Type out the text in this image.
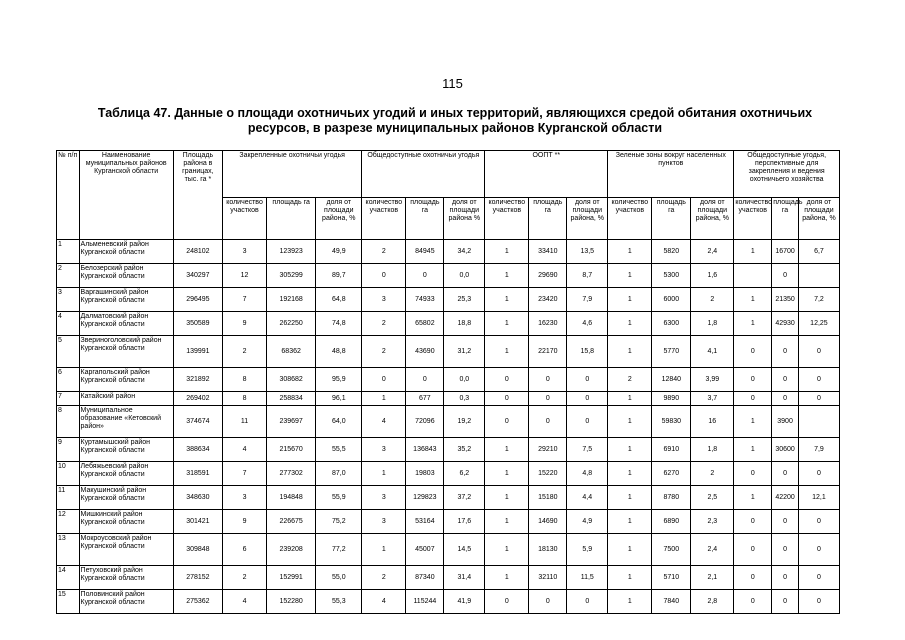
115
Таблица 47. Данные о площади охотничьих угодий и иных территорий, являющихся средой обитания охотничьих
ресурсов, в разрезе муниципальных районов Курганской области
№ п/п	Наименование муниципальных районов Курганской области	Площадь района в границах, тыс. га *	Закрепленные охотничьи угодья			Общедоступные охотничьи угодья			ООПТ **			Зеленые зоны вокруг населенных пунктов			Общедоступные угодья, перспективные для закрепления и ведения охотничьего хозяйства		
			количество участков	площадь га	доля от площади района, %	количество участков	площадь га	доля от площади района %	количество участков	площадь га	доля от площади района, %	количество участков	площадь га	доля от площади района, %	количество участков	площадь га	доля от площади района, %
1	Альменевский район Курганской области	248102	3	123923	49,9	2	84945	34,2	1	33410	13,5	1	5820	2,4	1	16700	6,7
2	Белозерский район Курганской области	340297	12	305299	89,7	0	0	0,0	1	29690	8,7	1	5300	1,6		0	
3	Варгашинский район Курганской области	296495	7	192168	64,8	3	74933	25,3	1	23420	7,9	1	6000	2	1	21350	7,2
4	Далматовский район Курганской области	350589	9	262250	74,8	2	65802	18,8	1	16230	4,6	1	6300	1,8	1	42930	12,25
5	Звериноголовский район Курганской области	139991	2	68362	48,8	2	43690	31,2	1	22170	15,8	1	5770	4,1	0	0	0
6	Каргапольский район Курганской области	321892	8	308682	95,9	0	0	0,0	0	0	0	2	12840	3,99	0	0	0
7	Катайский район	269402	8	258834	96,1	1	677	0,3	0	0	0	1	9890	3,7	0	0	0
8	Муниципальное образование «Кетовский район»	374674	11	239697	64,0	4	72096	19,2	0	0	0	1	59830	16	1	3900	
9	Куртамышский район Курганской области	388634	4	215670	55,5	3	136843	35,2	1	29210	7,5	1	6910	1,8	1	30600	7,9
10	Лебяжьевский район Курганской области	318591	7	277302	87,0	1	19803	6,2	1	15220	4,8	1	6270	2	0	0	0
11	Макушинский район Курганской области	348630	3	194848	55,9	3	129823	37,2	1	15180	4,4	1	8780	2,5	1	42200	12,1
12	Мишкинский район Курганской области	301421	9	226675	75,2	3	53164	17,6	1	14690	4,9	1	6890	2,3	0	0	0
13	Мокроусовский район Курганской области	309848	6	239208	77,2	1	45007	14,5	1	18130	5,9	1	7500	2,4	0	0	0
14	Петуховский район Курганской области	278152	2	152991	55,0	2	87340	31,4	1	32110	11,5	1	5710	2,1	0	0	0
15	Половинский район Курганской области	275362	4	152280	55,3	4	115244	41,9	0	0	0	1	7840	2,8	0	0	0
